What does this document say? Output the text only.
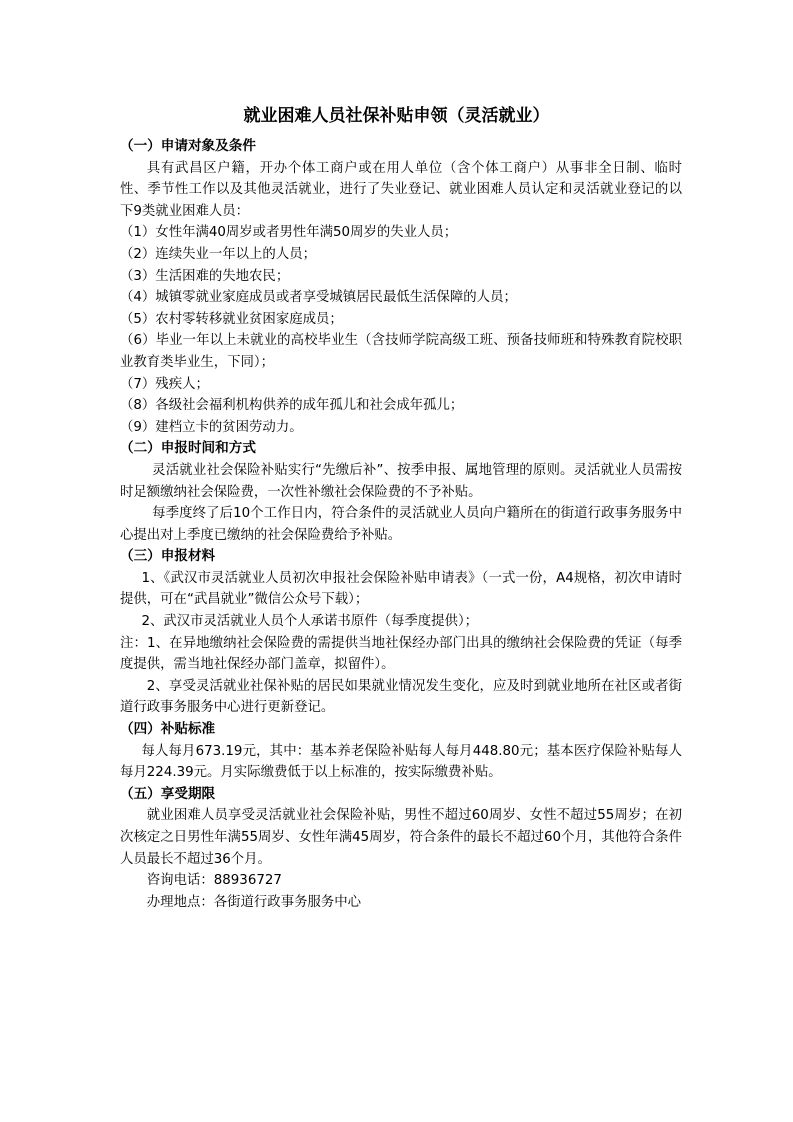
就业困难人员社保补贴申领（灵活就业）

（一）申请对象及条件

具有武昌区户籍，开办个体工商户或在用人单位（含个体工商户）从事非全日制、临时性、季节性工作以及其他灵活就业，进行了失业登记、就业困难人员认定和灵活就业登记的以下9类就业困难人员：

（1）女性年满40周岁或者男性年满50周岁的失业人员；

（2）连续失业一年以上的人员；

（3）生活困难的失地农民；

（4）城镇零就业家庭成员或者享受城镇居民最低生活保障的人员；

（5）农村零转移就业贫困家庭成员；

（6）毕业一年以上未就业的高校毕业生（含技师学院高级工班、预备技师班和特殊教育院校职业教育类毕业生，下同）；

（7）残疾人；

（8）各级社会福利机构供养的成年孤儿和社会成年孤儿；

（9）建档立卡的贫困劳动力。

（二）申报时间和方式

灵活就业社会保险补贴实行“先缴后补”、按季申报、属地管理的原则。灵活就业人员需按时足额缴纳社会保险费，一次性补缴社会保险费的不予补贴。

每季度终了后10个工作日内，符合条件的灵活就业人员向户籍所在的街道行政事务服务中心提出对上季度已缴纳的社会保险费给予补贴。

（三）申报材料

1、《武汉市灵活就业人员初次申报社会保险补贴申请表》（一式一份，A4规格，初次申请时提供，可在“武昌就业”微信公众号下载）；

2、武汉市灵活就业人员个人承诺书原件（每季度提供）；

注：1、在异地缴纳社会保险费的需提供当地社保经办部门出具的缴纳社会保险费的凭证（每季度提供，需当地社保经办部门盖章，拟留件）。

2、享受灵活就业社保补贴的居民如果就业情况发生变化，应及时到就业地所在社区或者街道行政事务服务中心进行更新登记。

（四）补贴标准

每人每月673.19元，其中：基本养老保险补贴每人每月448.80元；基本医疗保险补贴每人每月224.39元。月实际缴费低于以上标准的，按实际缴费补贴。

（五）享受期限

就业困难人员享受灵活就业社会保险补贴，男性不超过60周岁、女性不超过55周岁；在初次核定之日男性年满55周岁、女性年满45周岁，符合条件的最长不超过60个月，其他符合条件人员最长不超过36个月。

咨询电话：88936727

办理地点：各街道行政事务服务中心
